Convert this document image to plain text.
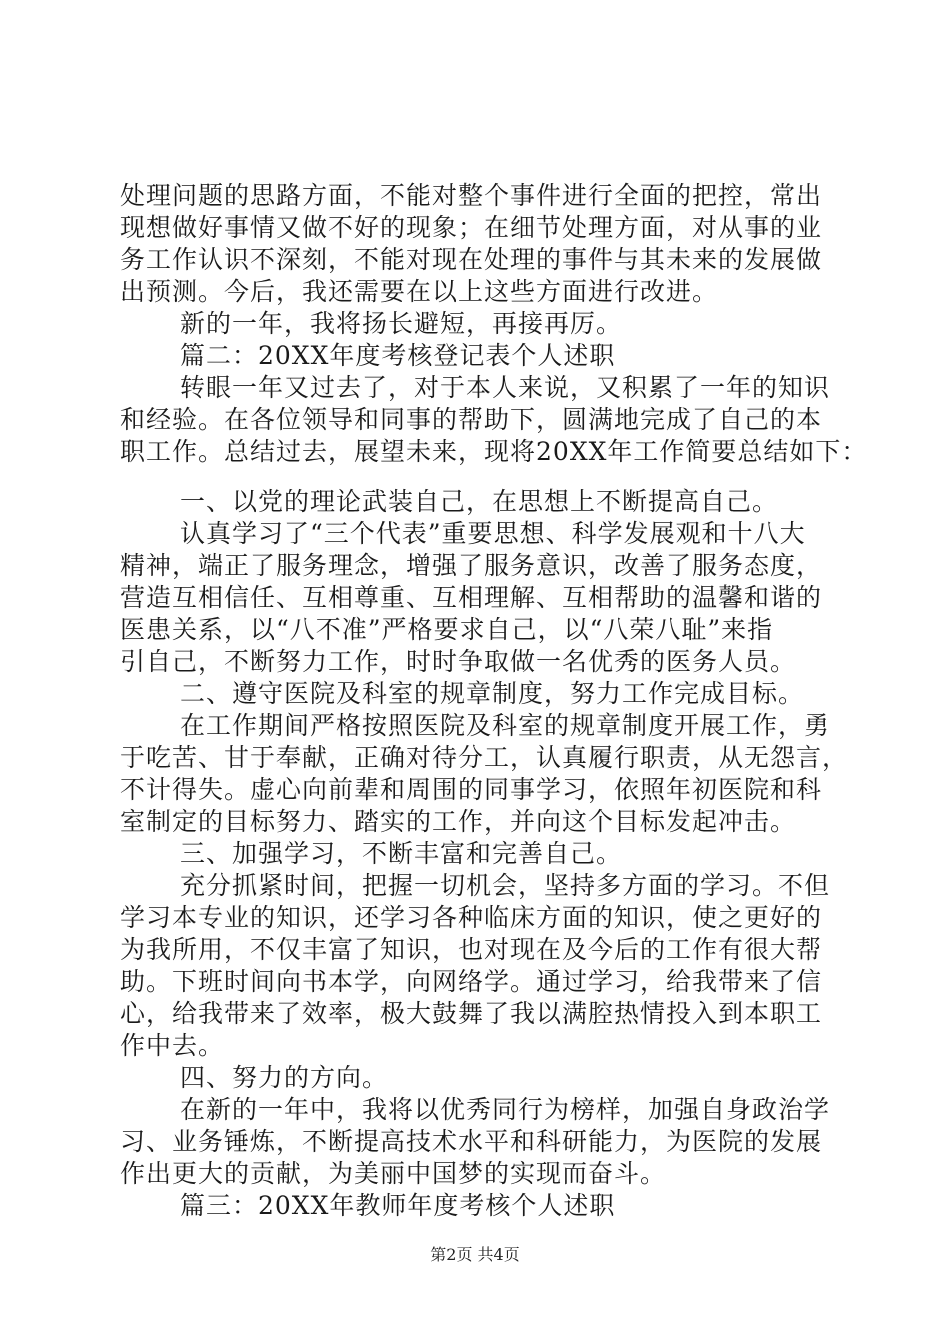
处理问题的思路方面，不能对整个事件进行全面的把控，常出
现想做好事情又做不好的现象；在细节处理方面，对从事的业
务工作认识不深刻，不能对现在处理的事件与其未来的发展做
出预测。今后，我还需要在以上这些方面进行改进。
新的一年，我将扬长避短，再接再厉。
篇二：20XX年度考核登记表个人述职
转眼一年又过去了，对于本人来说，又积累了一年的知识
和经验。在各位领导和同事的帮助下，圆满地完成了自己的本
职工作。总结过去，展望未来，现将20XX年工作简要总结如下：
一、以党的理论武装自己，在思想上不断提高自己。
认真学习了“三个代表”重要思想、科学发展观和十八大
精神，端正了服务理念，增强了服务意识，改善了服务态度，
营造互相信任、互相尊重、互相理解、互相帮助的温馨和谐的
医患关系，以“八不准”严格要求自己，以“八荣八耻”来指
引自己，不断努力工作，时时争取做一名优秀的医务人员。
二、遵守医院及科室的规章制度，努力工作完成目标。
在工作期间严格按照医院及科室的规章制度开展工作，勇
于吃苦、甘于奉献，正确对待分工，认真履行职责，从无怨言，
不计得失。虚心向前辈和周围的同事学习，依照年初医院和科
室制定的目标努力、踏实的工作，并向这个目标发起冲击。
三、加强学习，不断丰富和完善自己。
充分抓紧时间，把握一切机会，坚持多方面的学习。不但
学习本专业的知识，还学习各种临床方面的知识，使之更好的
为我所用，不仅丰富了知识，也对现在及今后的工作有很大帮
助。下班时间向书本学，向网络学。通过学习，给我带来了信
心，给我带来了效率，极大鼓舞了我以满腔热情投入到本职工
作中去。
四、努力的方向。
在新的一年中，我将以优秀同行为榜样，加强自身政治学
习、业务锤炼，不断提高技术水平和科研能力，为医院的发展
作出更大的贡献，为美丽中国梦的实现而奋斗。
篇三：20XX年教师年度考核个人述职
第2页 共4页
